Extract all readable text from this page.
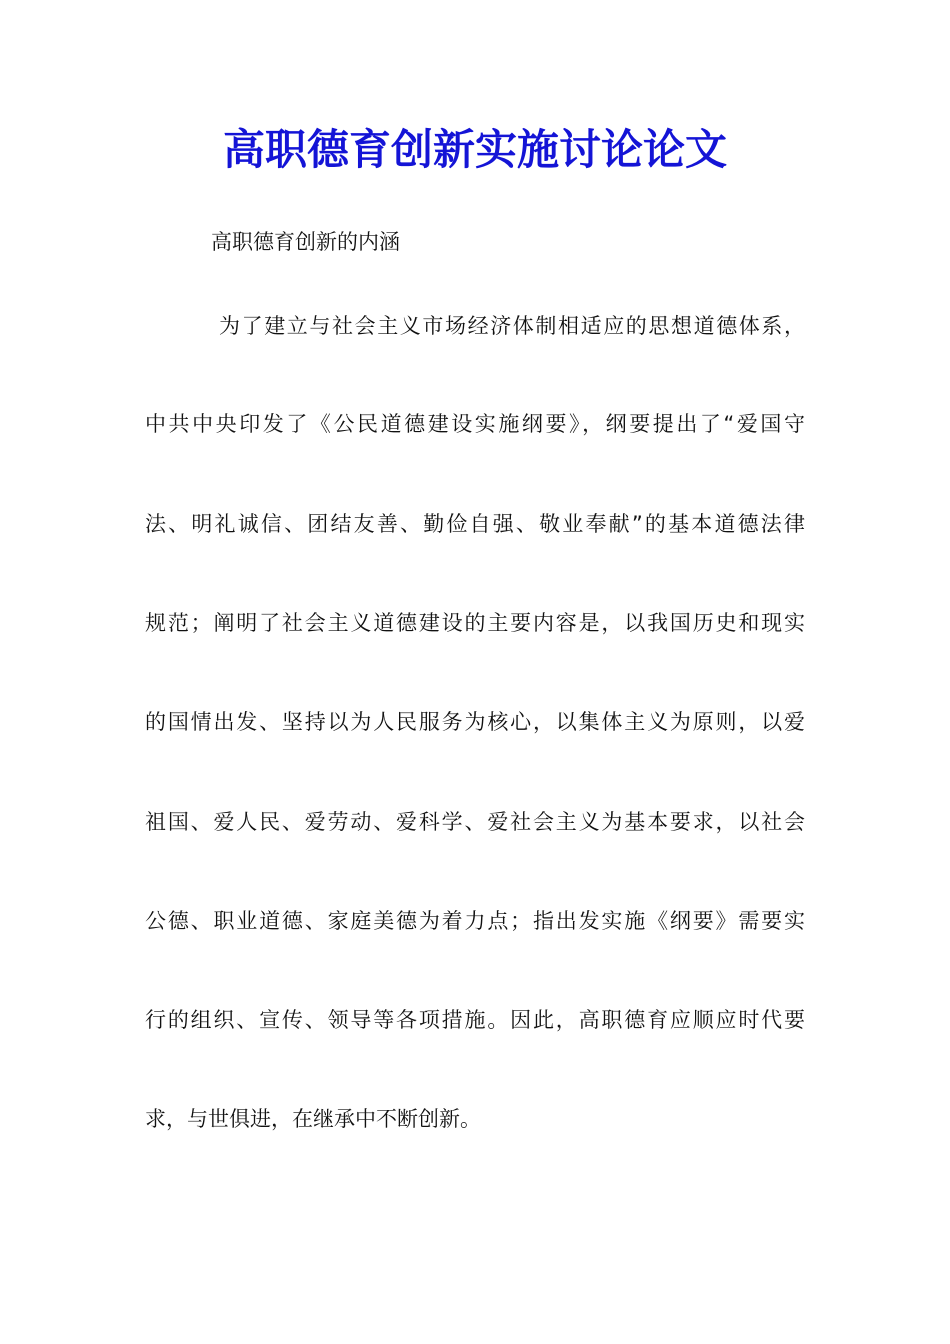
高职德育创新实施讨论论文

高职德育创新的内涵

为了建立与社会主义市场经济体制相适应的思想道德体系，

中共中央印发了《公民道德建设实施纲要》，纲要提出了“爱国守

法、明礼诚信、团结友善、勤俭自强、敬业奉献”的基本道德法律

规范；阐明了社会主义道德建设的主要内容是，以我国历史和现实

的国情出发、坚持以为人民服务为核心，以集体主义为原则，以爱

祖国、爱人民、爱劳动、爱科学、爱社会主义为基本要求，以社会

公德、职业道德、家庭美德为着力点；指出发实施《纲要》需要实

行的组织、宣传、领导等各项措施。因此，高职德育应顺应时代要

求，与世俱进，在继承中不断创新。
